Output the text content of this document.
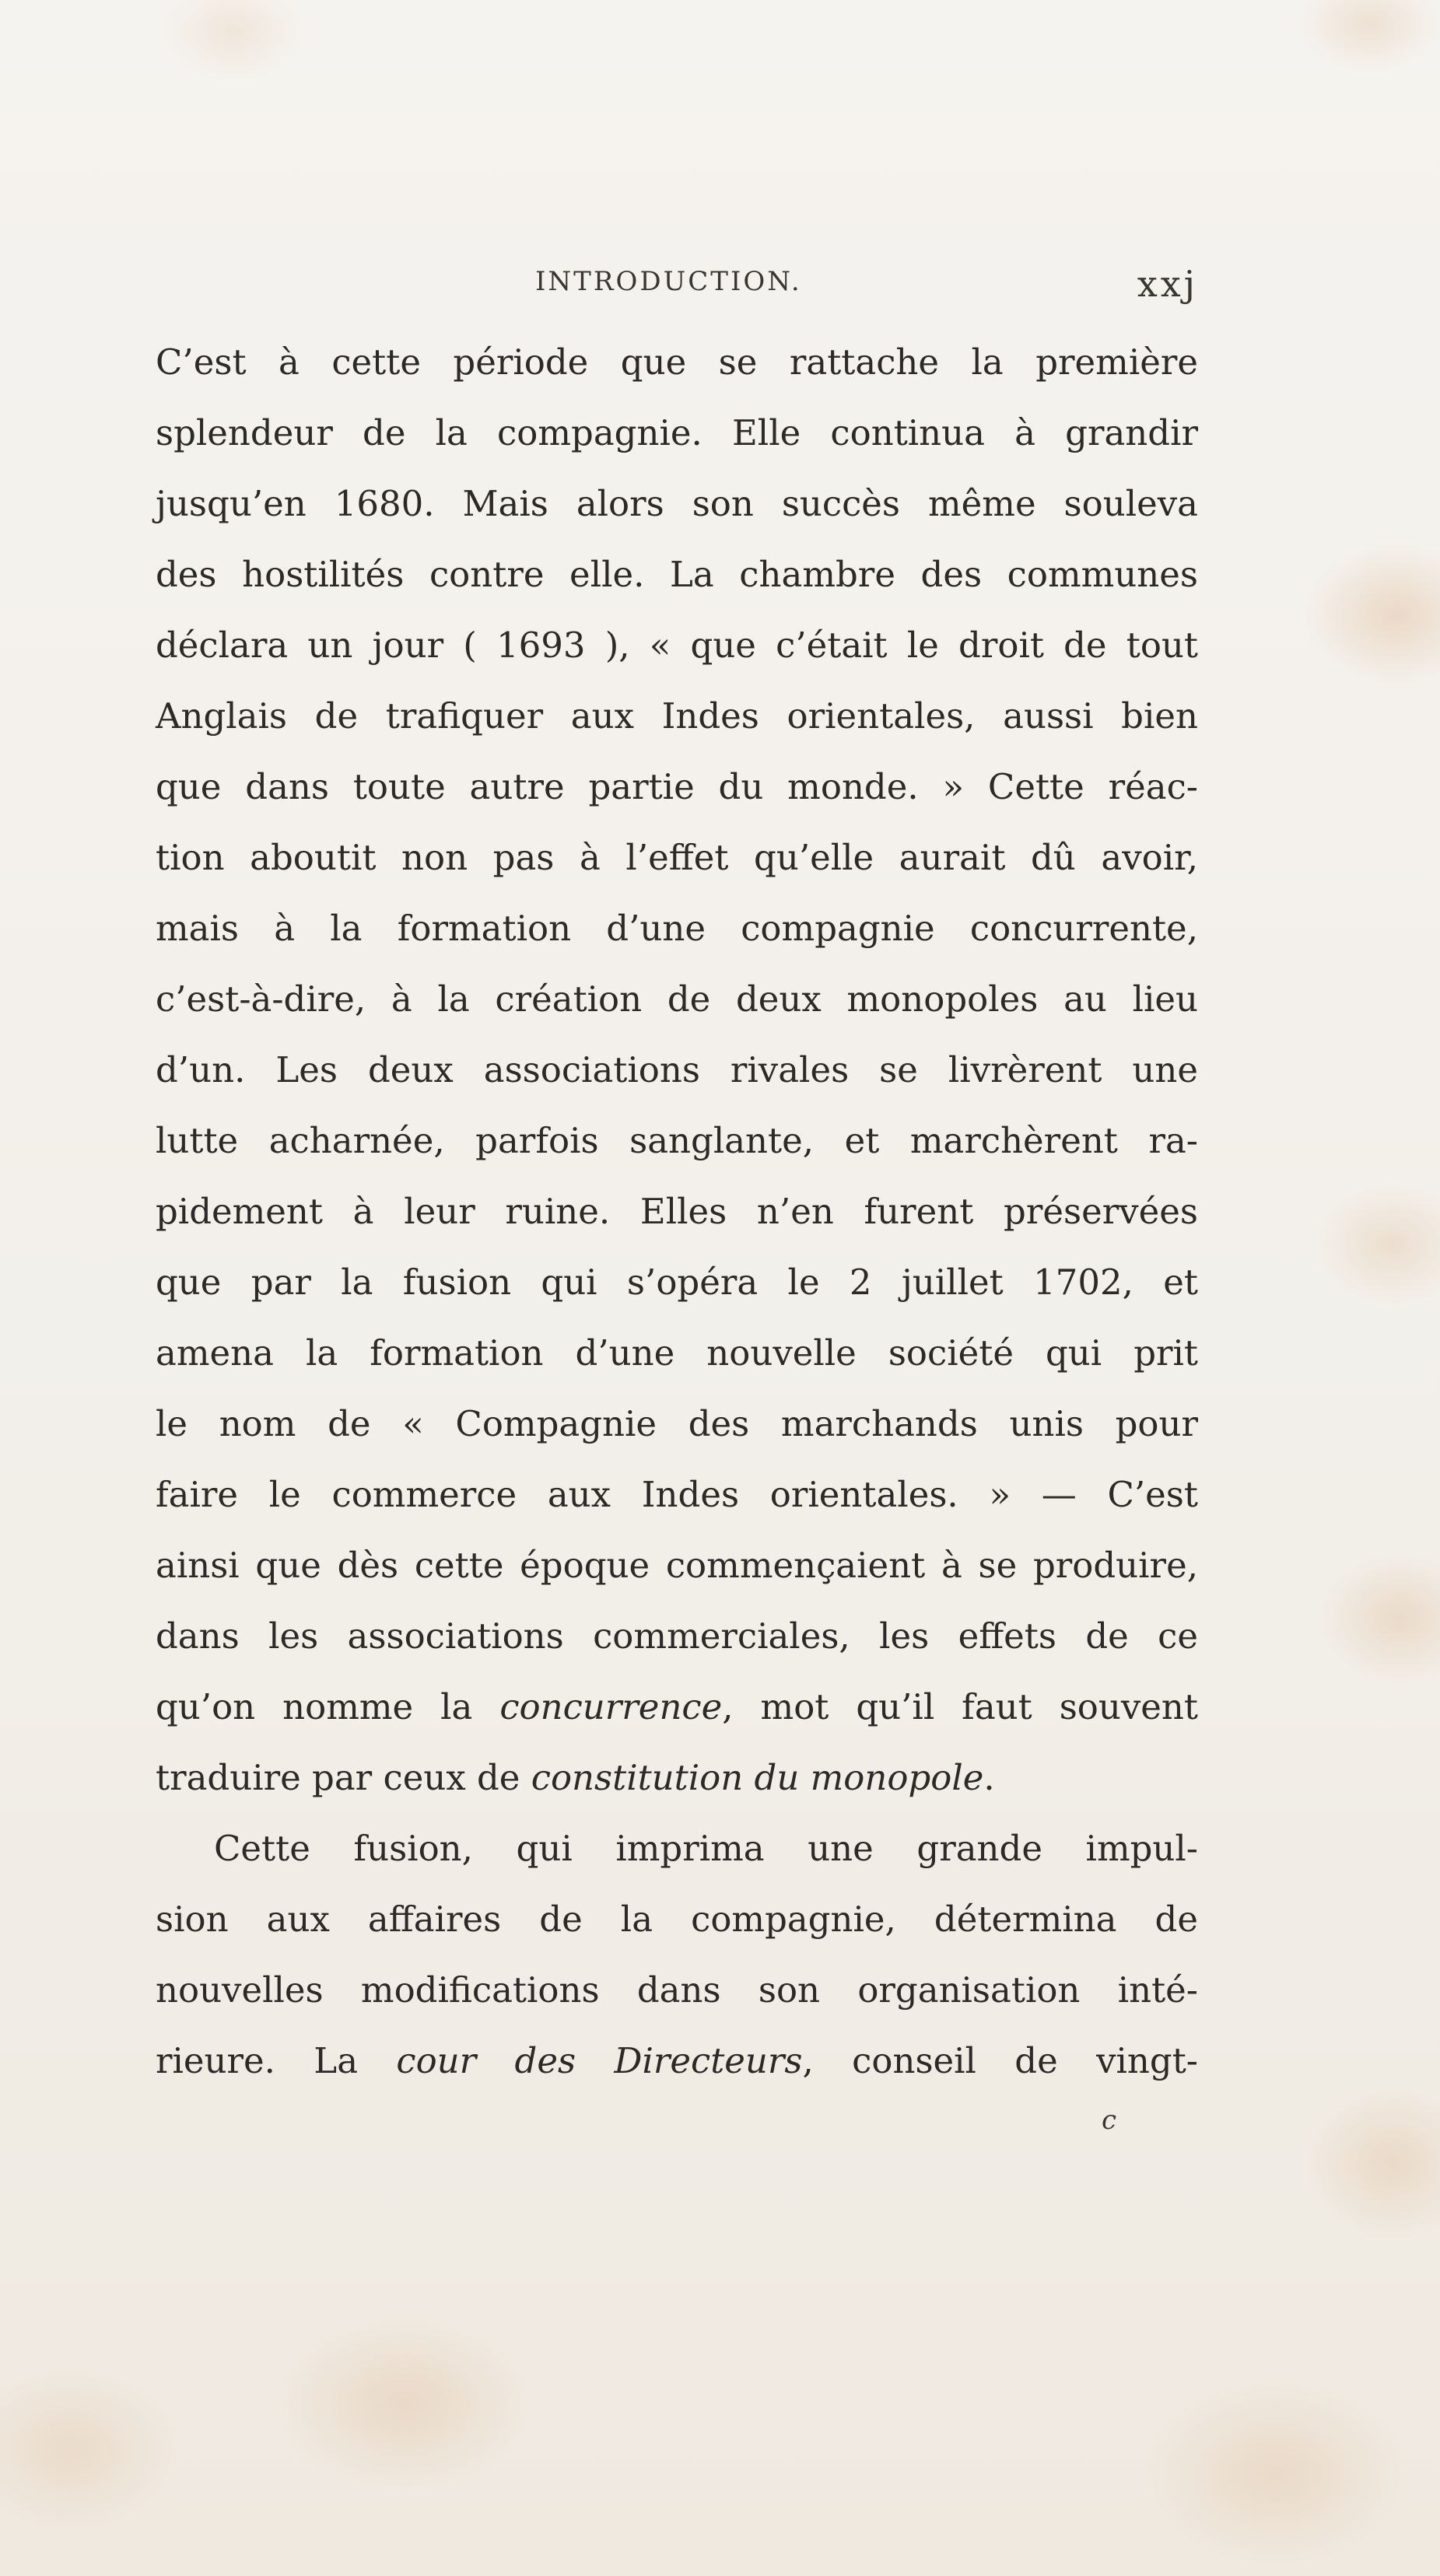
INTRODUCTION.	xxj
C’est à cette période que se rattache la première
splendeur de la compagnie. Elle continua à grandir
jusqu’en 1680. Mais alors son succès même souleva
des hostilités contre elle. La chambre des communes
déclara un jour ( 1693 ), « que c’était le droit de tout
Anglais de trafiquer aux Indes orientales, aussi bien
que dans toute autre partie du monde. » Cette réac-
tion aboutit non pas à l’effet qu’elle aurait dû avoir,
mais à la formation d’une compagnie concurrente,
c’est-à-dire, à la création de deux monopoles au lieu
d’un. Les deux associations rivales se livrèrent une
lutte acharnée, parfois sanglante, et marchèrent ra-
pidement à leur ruine. Elles n’en furent préservées
que par la fusion qui s’opéra le 2 juillet 1702, et
amena la formation d’une nouvelle société qui prit
le nom de « Compagnie des marchands unis pour
faire le commerce aux Indes orientales. » — C’est
ainsi que dès cette époque commençaient à se produire,
dans les associations commerciales, les effets de ce
qu’on nomme la concurrence, mot qu’il faut souvent
traduire par ceux de constitution du monopole.
Cette fusion, qui imprima une grande impul-
sion aux affaires de la compagnie, détermina de
nouvelles modifications dans son organisation inté-
rieure. La cour des Directeurs, conseil de vingt-
c
